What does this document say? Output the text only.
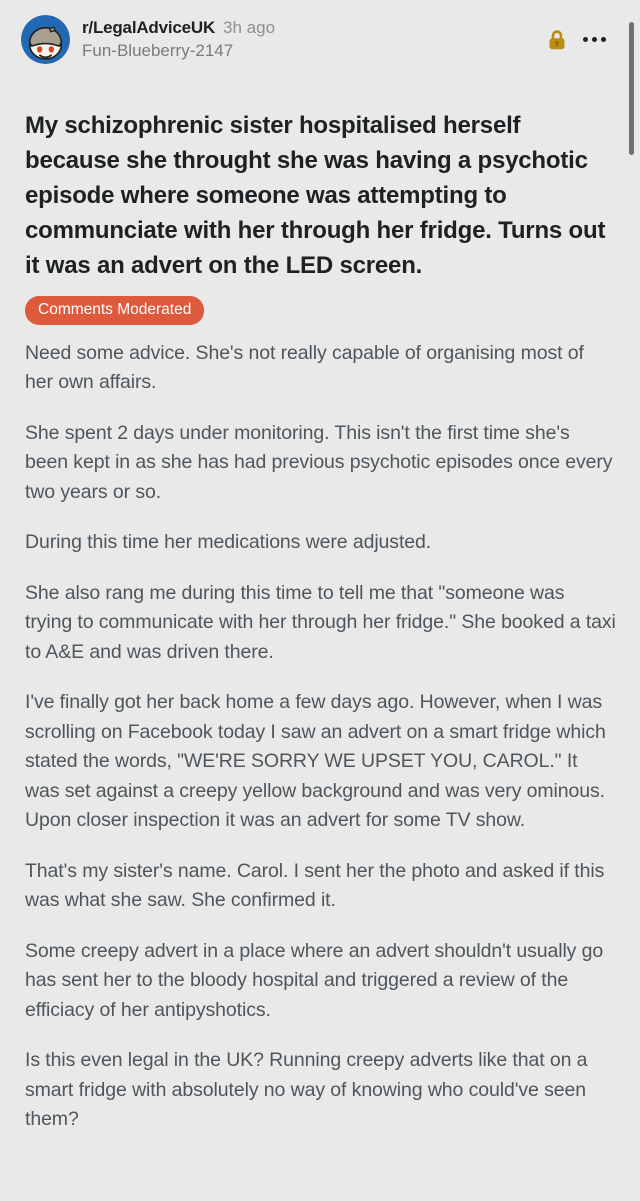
r/LegalAdviceUK 3h ago
Fun-Blueberry-2147
My schizophrenic sister hospitalised herself because she throught she was having a psychotic episode where someone was attempting to communciate with her through her fridge. Turns out it was an advert on the LED screen.
Comments Moderated

Need some advice. She's not really capable of organising most of her own affairs.

She spent 2 days under monitoring. This isn't the first time she's been kept in as she has had previous psychotic episodes once every two years or so.

During this time her medications were adjusted.

She also rang me during this time to tell me that "someone was trying to communicate with her through her fridge." She booked a taxi to A&E and was driven there.

I've finally got her back home a few days ago. However, when I was scrolling on Facebook today I saw an advert on a smart fridge which stated the words, "WE'RE SORRY WE UPSET YOU, CAROL." It was set against a creepy yellow background and was very ominous. Upon closer inspection it was an advert for some TV show.

That's my sister's name. Carol. I sent her the photo and asked if this was what she saw. She confirmed it.

Some creepy advert in a place where an advert shouldn't usually go has sent her to the bloody hospital and triggered a review of the efficiacy of her antipyshotics.

Is this even legal in the UK? Running creepy adverts like that on a smart fridge with absolutely no way of knowing who could've seen them?
